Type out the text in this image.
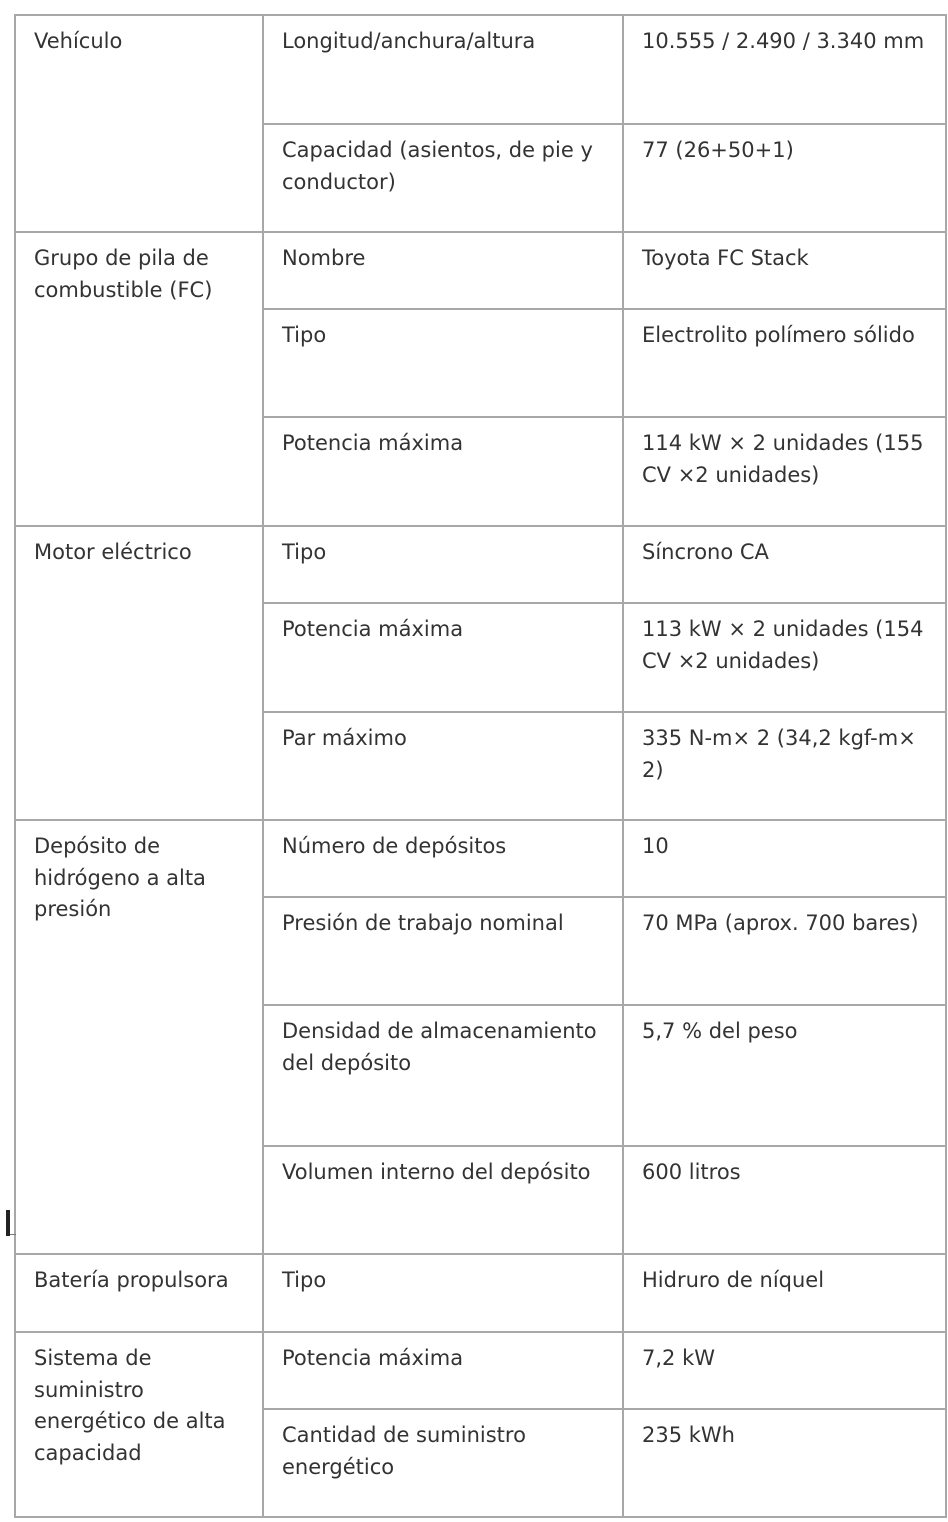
Vehículo	Longitud/anchura/altura	10.555 / 2.490 / 3.340 mm
	Capacidad (asientos, de pie y conductor)	77 (26+50+1)
Grupo de pila de combustible (FC)	Nombre	Toyota FC Stack
	Tipo	Electrolito polímero sólido
	Potencia máxima	114 kW × 2 unidades (155 CV ×2 unidades)
Motor eléctrico	Tipo	Síncrono CA
	Potencia máxima	113 kW × 2 unidades (154 CV ×2 unidades)
	Par máximo	335 N-m× 2 (34,2 kgf-m× 2)
Depósito de hidrógeno a alta presión	Número de depósitos	10
	Presión de trabajo nominal	70 MPa (aprox. 700 bares)
	Densidad de almacenamiento del depósito	5,7 % del peso
	Volumen interno del depósito	600 litros
Batería propulsora	Tipo	Hidruro de níquel
Sistema de suministro energético de alta capacidad	Potencia máxima	7,2 kW
	Cantidad de suministro energético	235 kWh
